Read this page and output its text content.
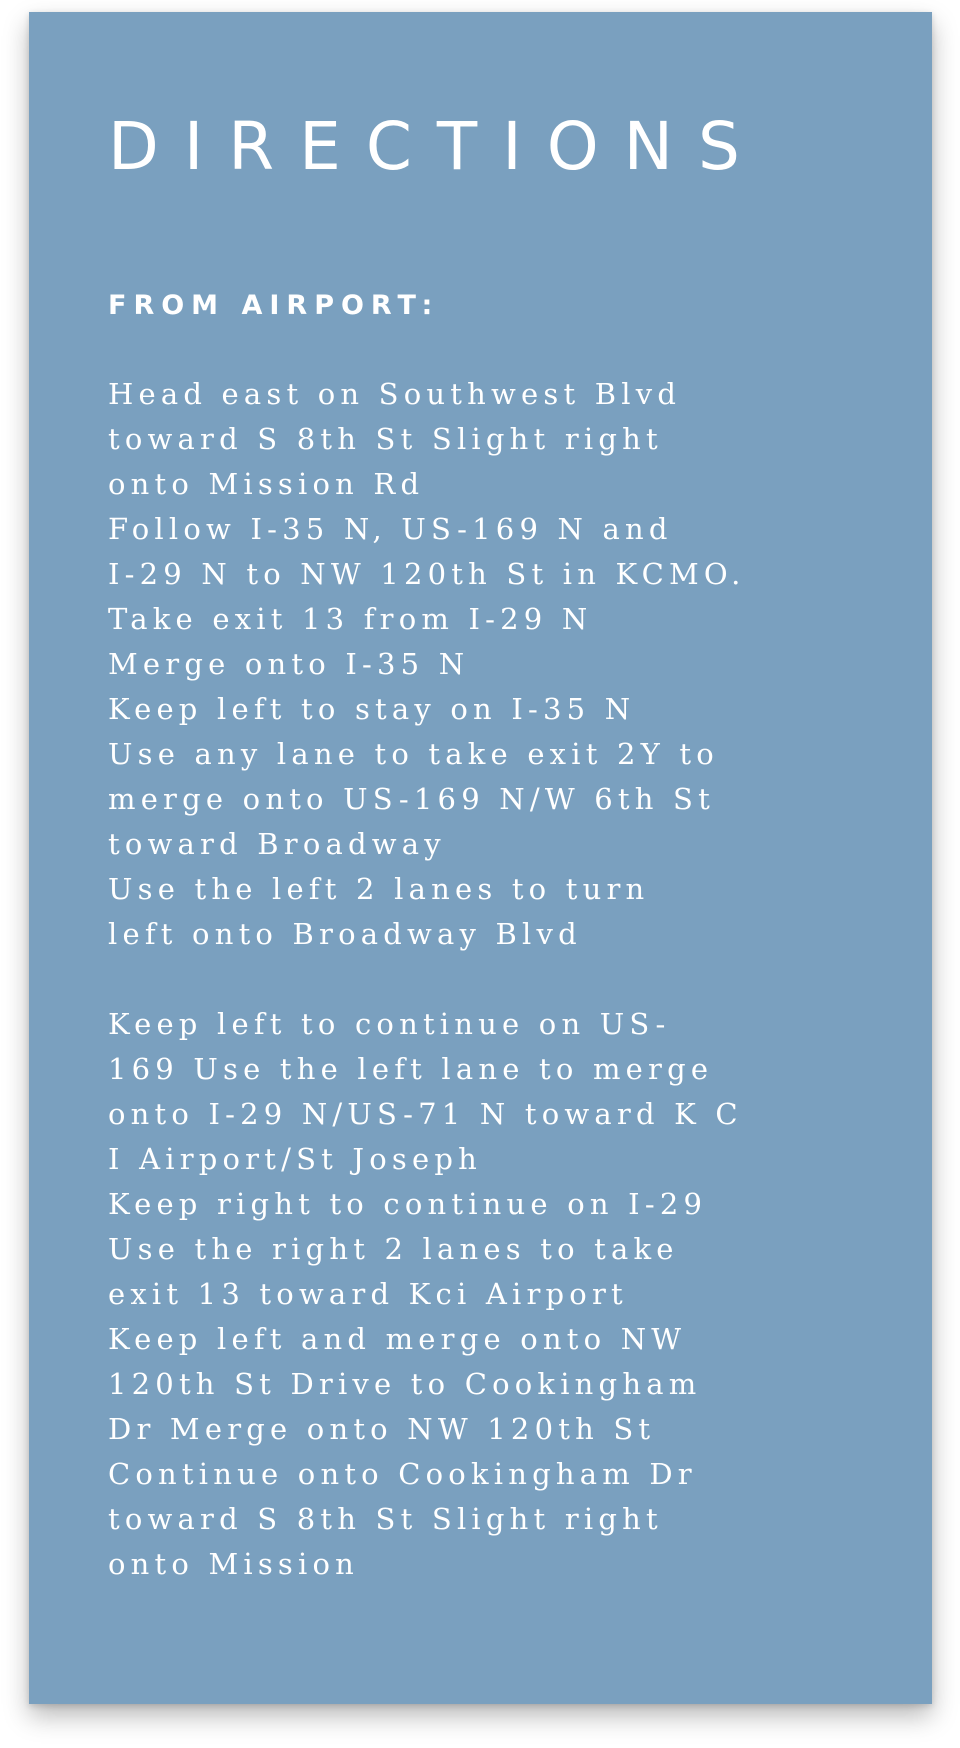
DIRECTIONS
FROM AIRPORT:

Head east on Southwest Blvd
toward S 8th St Slight right
onto Mission Rd
Follow I-35 N, US-169 N and
I-29 N to NW 120th St in KCMO.
Take exit 13 from I-29 N
Merge onto I-35 N
Keep left to stay on I-35 N
Use any lane to take exit 2Y to
merge onto US-169 N/W 6th St
toward Broadway
Use the left 2 lanes to turn
left onto Broadway Blvd

Keep left to continue on US-
169 Use the left lane to merge
onto I-29 N/US-71 N toward K C
I Airport/St Joseph
Keep right to continue on I-29
Use the right 2 lanes to take
exit 13 toward Kci Airport
Keep left and merge onto NW
120th St Drive to Cookingham
Dr Merge onto NW 120th St
Continue onto Cookingham Dr
toward S 8th St Slight right
onto Mission
